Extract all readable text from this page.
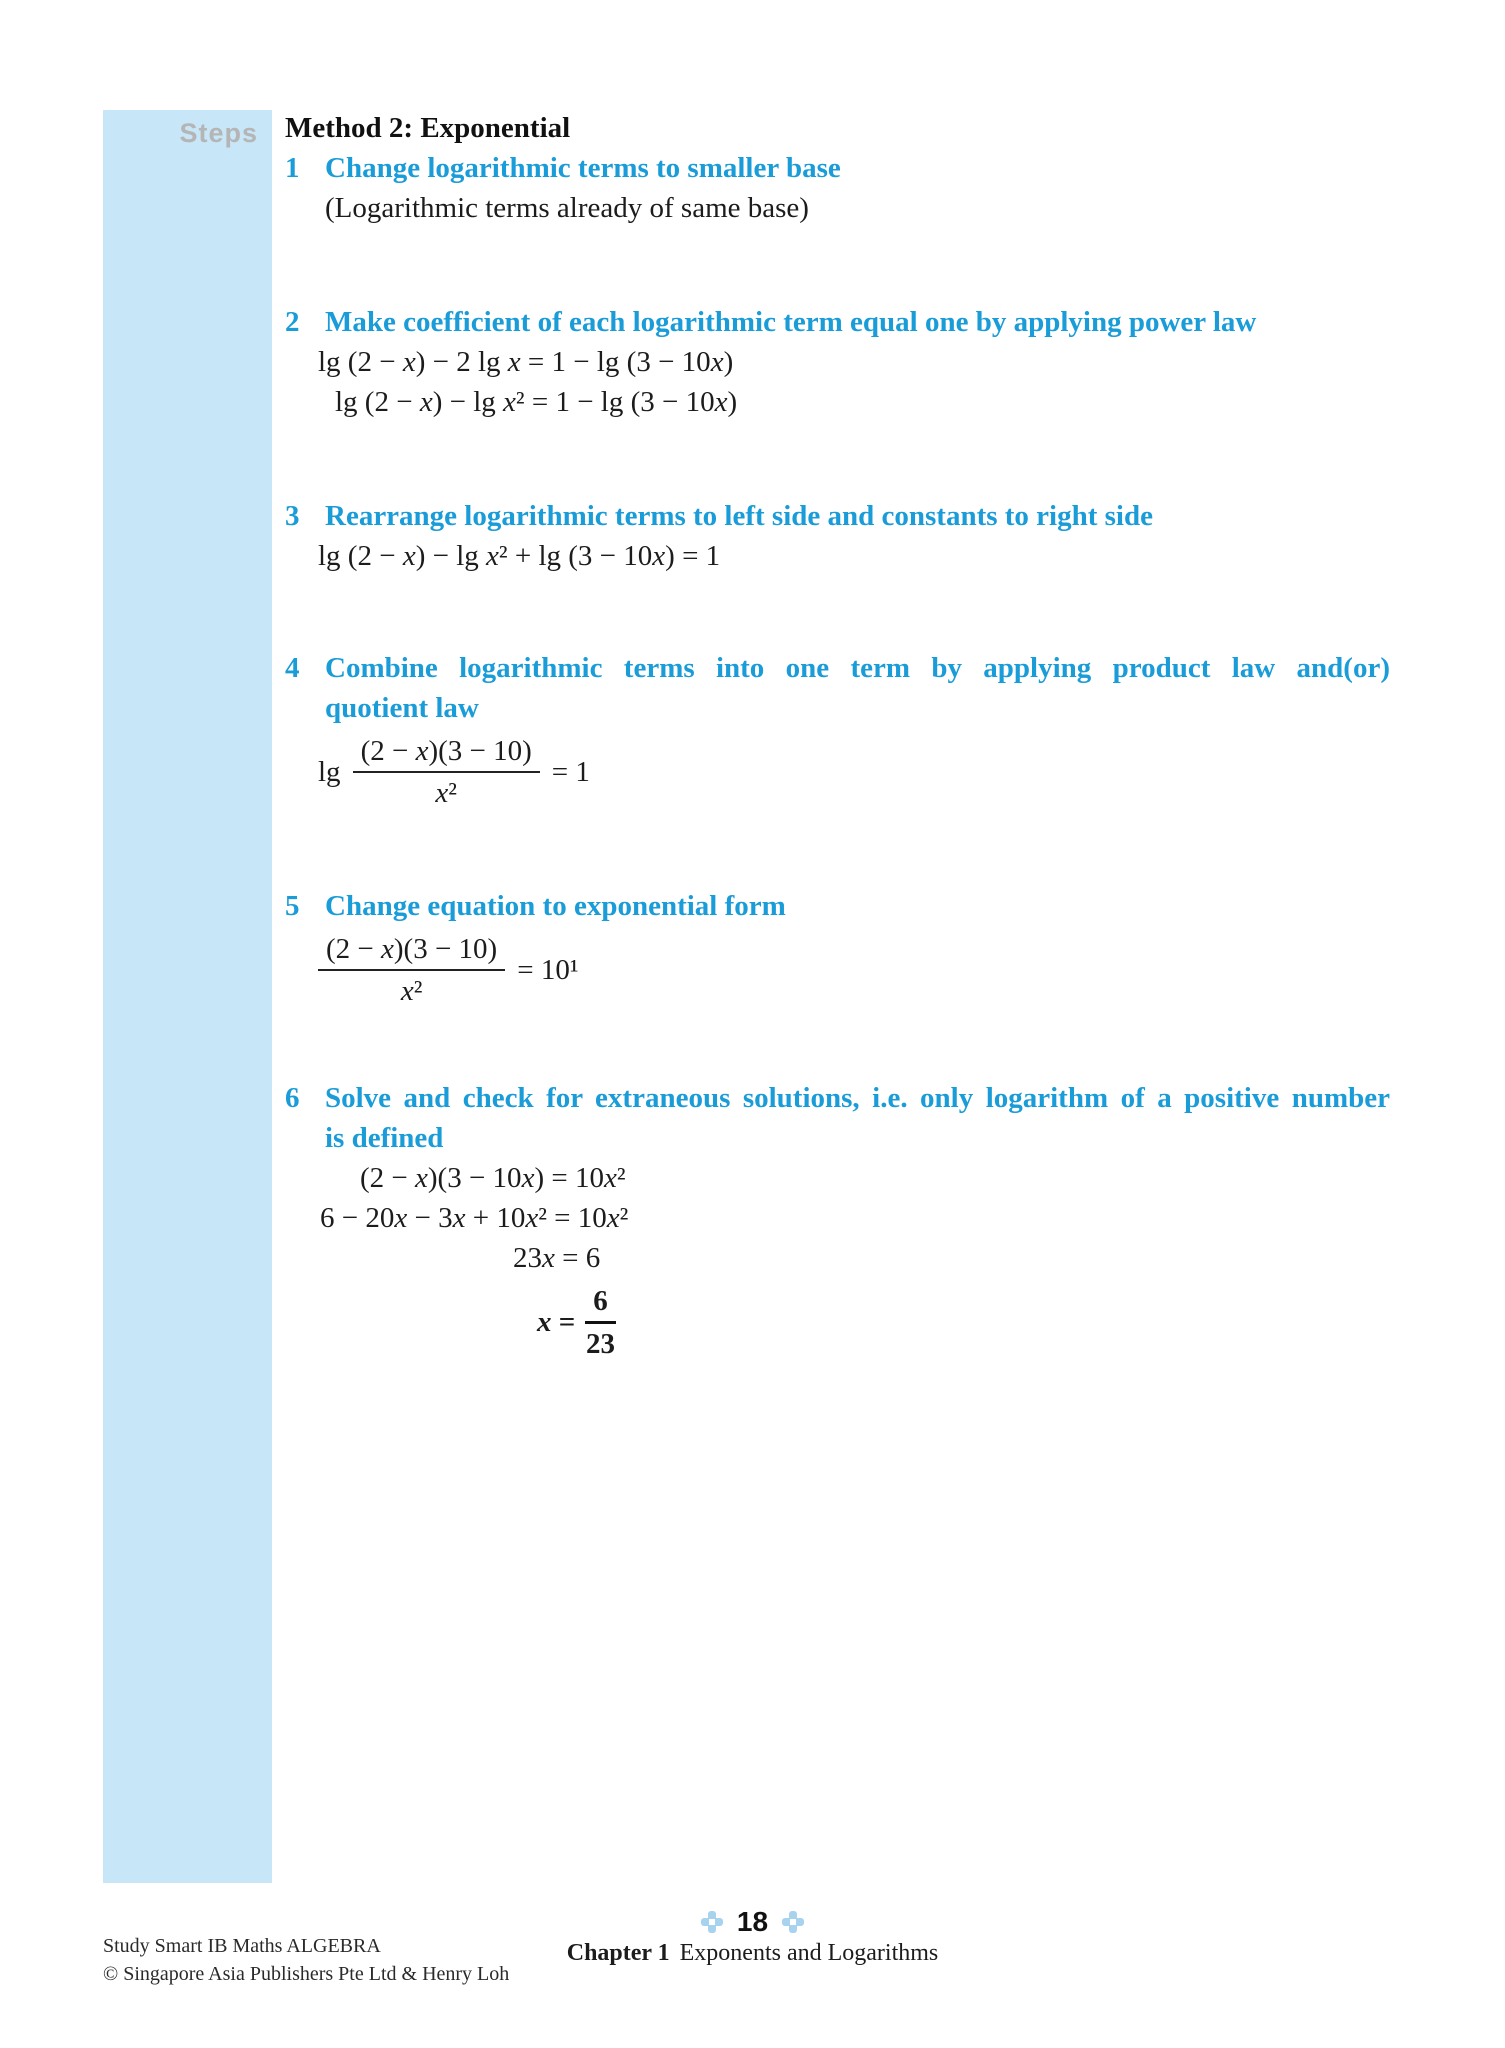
Steps Method 2: Exponential
1 Change logarithmic terms to smaller base
(Logarithmic terms already of same base)
2 Make coefficient of each logarithmic term equal one by applying power law
lg (2 − x) − 2 lg x = 1 − lg (3 − 10x)
lg (2 − x) − lg x² = 1 − lg (3 − 10x)
3 Rearrange logarithmic terms to left side and constants to right side
lg (2 − x) − lg x² + lg (3 − 10x) = 1
4 Combine logarithmic terms into one term by applying product law and(or)
quotient law
$\lg \frac{(2 - x)(3 - 10)}{\text{x²}} = 1$
5 Change equation to exponential form
$\frac{(2 - x)(3 - 10)}{\text{x²}} = 10^1$
6 Solve and check for extraneous solutions, i.e. only logarithm of a positive number
is defined
(2 − x)(3 − 10x) = 10x²
6 − 20x − 3x + 10x² = 10x²
23x = 6
$x = \frac{6}{23}$
Study Smart IB Maths ALGEBRA
© Singapore Asia Publishers Pte Ltd & Henry Loh
18
Chapter 1 Exponents and Logarithms
